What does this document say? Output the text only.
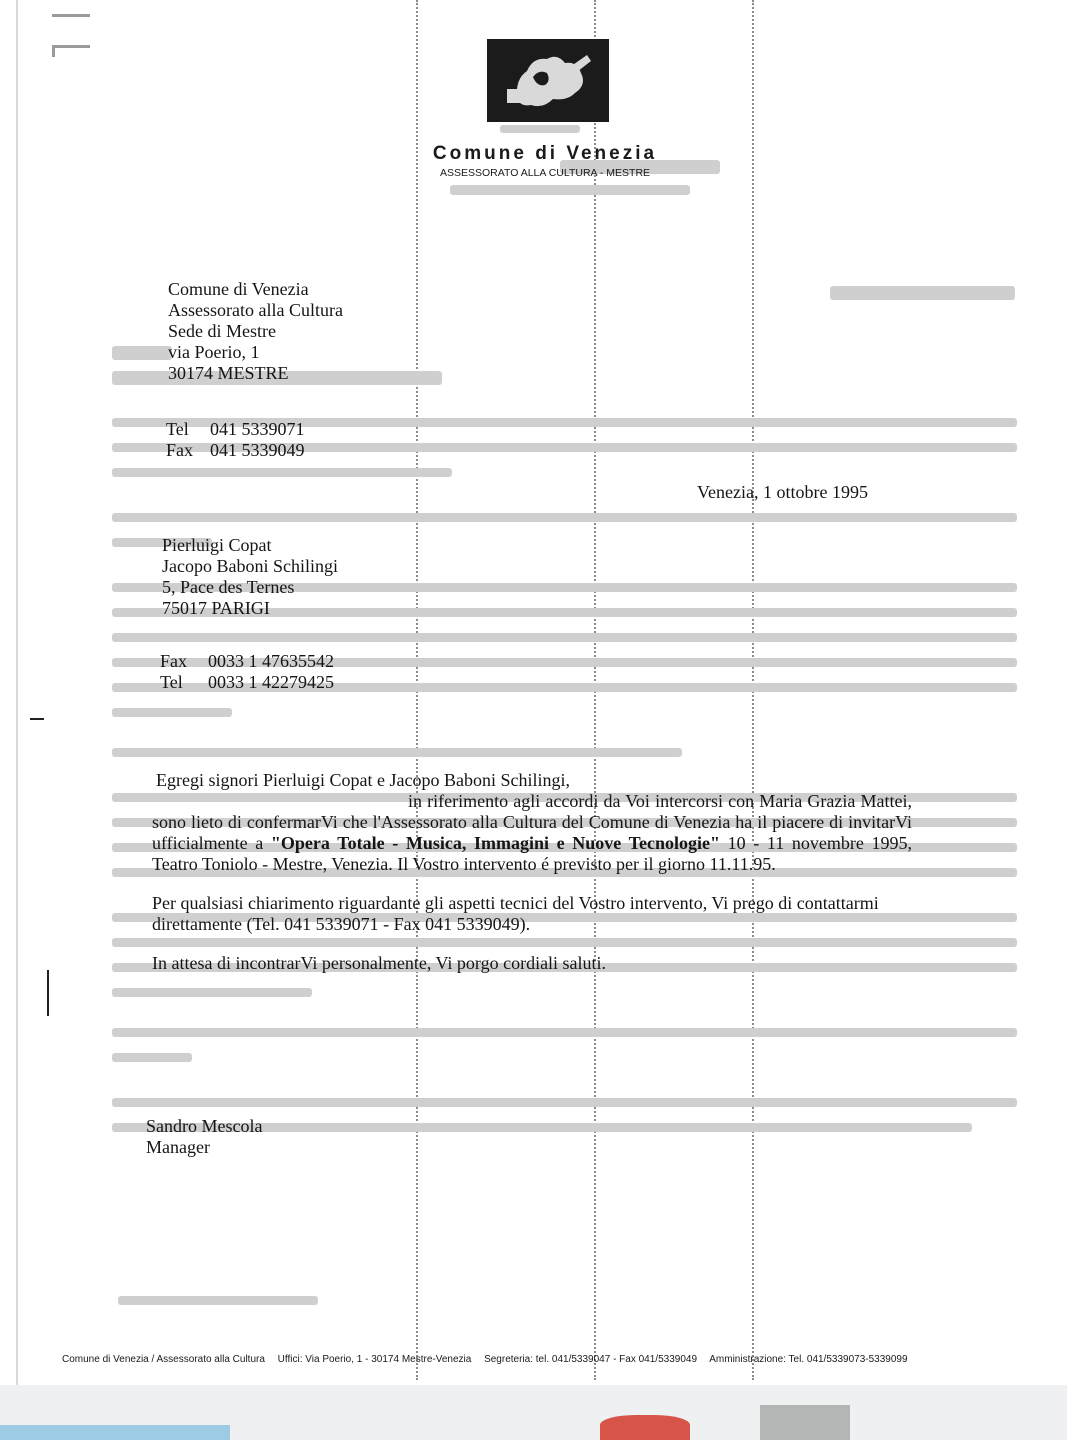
Comune di Venezia
ASSESSORATO ALLA CULTURA - MESTRE
Comune di Venezia
Assessorato alla Cultura
Sede di Mestre
via Poerio, 1
30174 MESTRE
Tel 041 5339071
Fax 041 5339049
Venezia, 1 ottobre 1995
Pierluigi Copat
Jacopo Baboni Schilingi
5, Pace des Ternes
75017 PARIGI
Fax 0033 1 47635542
Tel 0033 1 42279425

Egregi signori Pierluigi Copat e Jacopo Baboni Schilingi,

in riferimento agli accordi da Voi intercorsi con Maria Grazia Mattei, sono lieto di confermarVi che l'Assessorato alla Cultura del Comune di Venezia ha il piacere di invitarVi ufficialmente a "Opera Totale - Musica, Immagini e Nuove Tecnologie" 10 - 11 novembre 1995, Teatro Toniolo - Mestre, Venezia. Il Vostro intervento é previsto per il giorno 11.11.95.

Per qualsiasi chiarimento riguardante gli aspetti tecnici del Vostro intervento, Vi prego di contattarmi direttamente (Tel. 041 5339071 - Fax 041 5339049).

In attesa di incontrarVi personalmente, Vi porgo cordiali saluti.

Sandro Mescola
Manager
Comune di Venezia / Assessorato alla Cultura Uffici: Via Poerio, 1 - 30174 Mestre-Venezia Segreteria: tel. 041/5339047 - Fax 041/5339049 Amministrazione: Tel. 041/5339073-5339099
